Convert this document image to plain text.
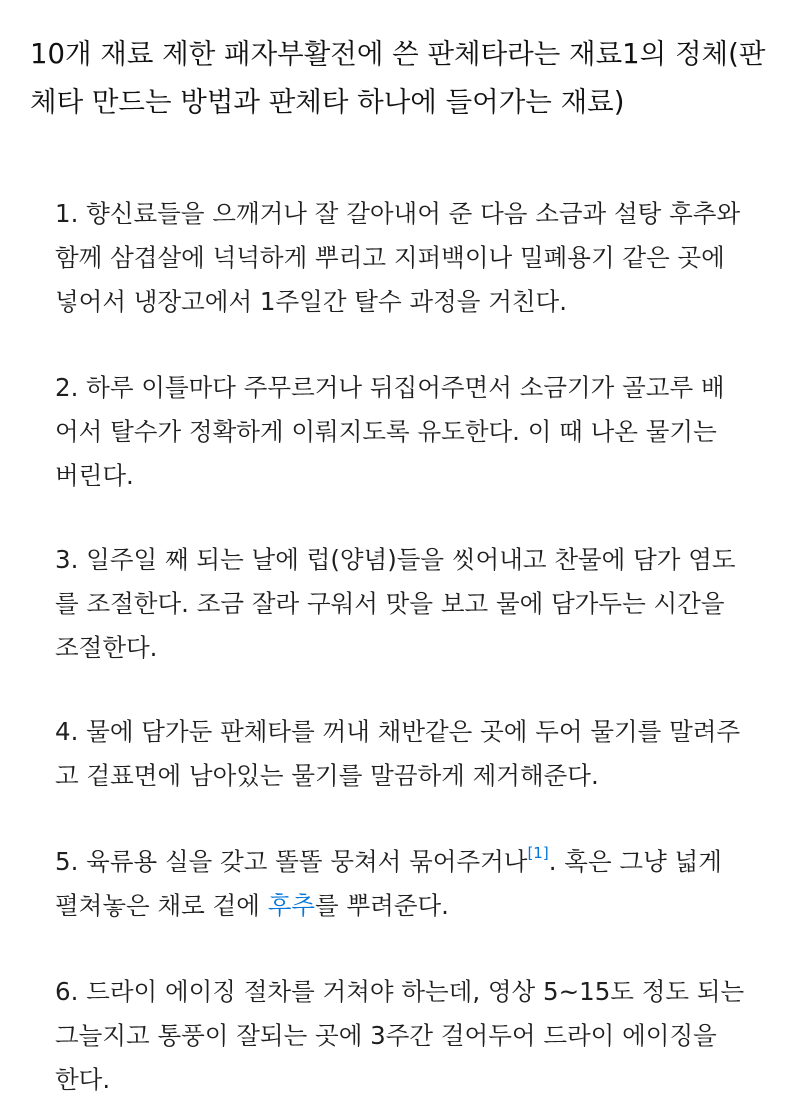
10개 재료 제한 패자부활전에 쓴 판체타라는 재료1의 정체(판체타 만드는 방법과 판체타 하나에 들어가는 재료)

1. 향신료들을 으깨거나 잘 갈아내어 준 다음 소금과 설탕 후추와 함께 삼겹살에 넉넉하게 뿌리고 지퍼백이나 밀폐용기 같은 곳에 넣어서 냉장고에서 1주일간 탈수 과정을 거친다.

2. 하루 이틀마다 주무르거나 뒤집어주면서 소금기가 골고루 배어서 탈수가 정확하게 이뤄지도록 유도한다. 이 때 나온 물기는 버린다.

3. 일주일 째 되는 날에 럽(양념)들을 씻어내고 찬물에 담가 염도를 조절한다. 조금 잘라 구워서 맛을 보고 물에 담가두는 시간을 조절한다.

4. 물에 담가둔 판체타를 꺼내 채반같은 곳에 두어 물기를 말려주고 겉표면에 남아있는 물기를 말끔하게 제거해준다.

5. 육류용 실을 갖고 똘똘 뭉쳐서 묶어주거나[1]. 혹은 그냥 넓게 펼쳐놓은 채로 겉에 후추를 뿌려준다.

6. 드라이 에이징 절차를 거쳐야 하는데, 영상 5~15도 정도 되는 그늘지고 통풍이 잘되는 곳에 3주간 걸어두어 드라이 에이징을 한다.
